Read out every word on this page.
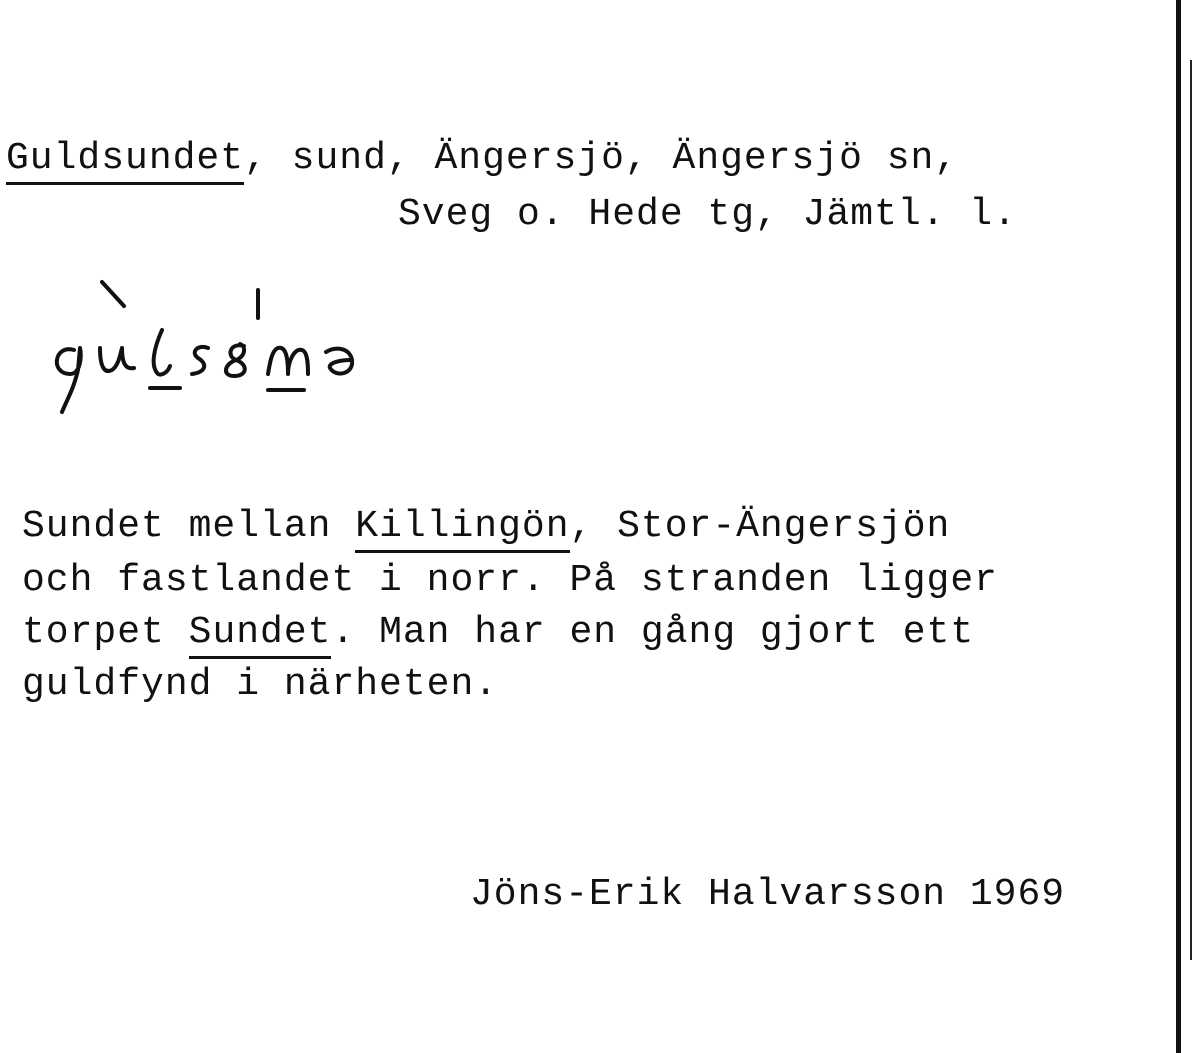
Guldsundet, sund, Ängersjö, Ängersjö sn,
Sveg o. Hede tg, Jämtl. l.
Sundet mellan Killingön, Stor-Ängersjön
och fastlandet i norr. På stranden ligger
torpet Sundet. Man har en gång gjort ett
guldfynd i närheten.
Jöns-Erik Halvarsson 1969
